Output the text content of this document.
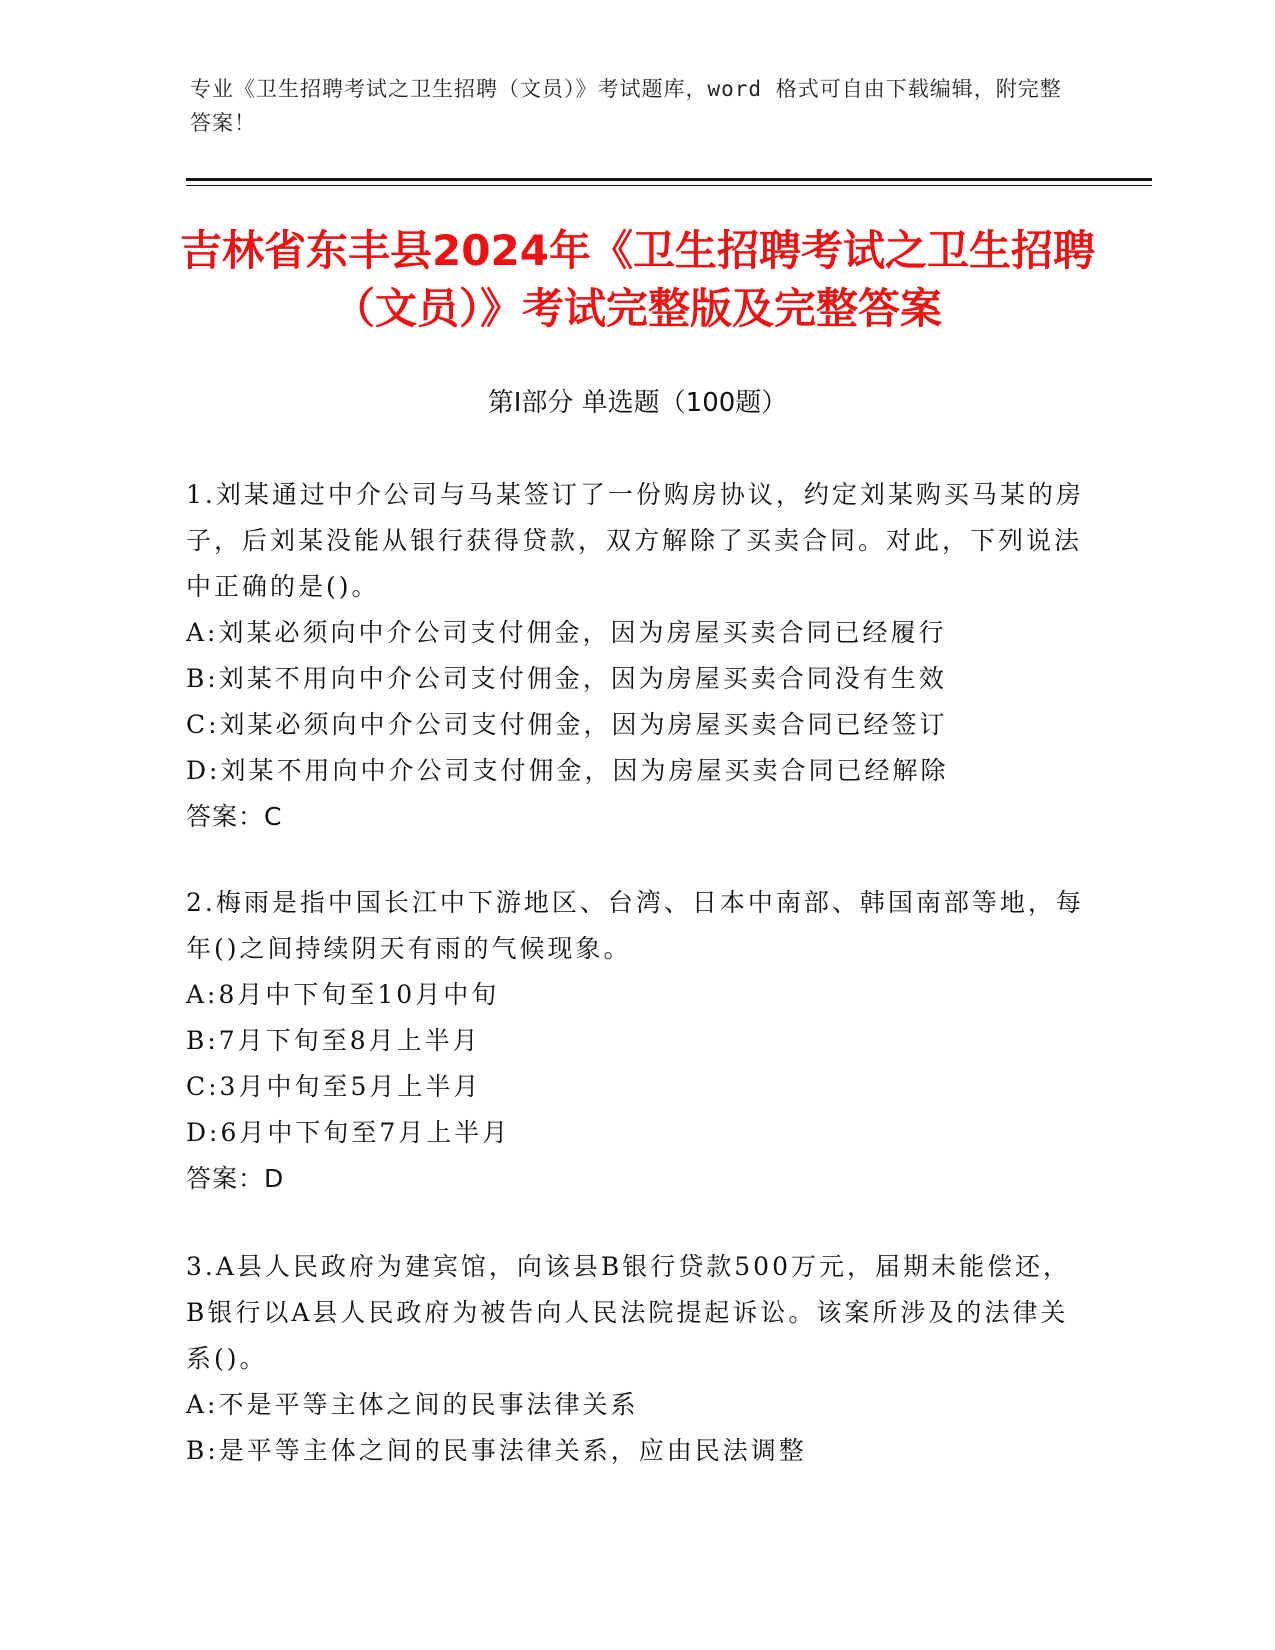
专业《卫生招聘考试之卫生招聘（文员）》考试题库，word 格式可自由下载编辑，附完整答案！
吉林省东丰县2024年《卫生招聘考试之卫生招聘（文员）》考试完整版及完整答案
第Ⅰ部分 单选题（100题）

1.刘某通过中介公司与马某签订了一份购房协议，约定刘某购买马某的房子，后刘某没能从银行获得贷款，双方解除了买卖合同。对此，下列说法中正确的是()。

A:刘某必须向中介公司支付佣金，因为房屋买卖合同已经履行

B:刘某不用向中介公司支付佣金，因为房屋买卖合同没有生效

C:刘某必须向中介公司支付佣金，因为房屋买卖合同已经签订

D:刘某不用向中介公司支付佣金，因为房屋买卖合同已经解除

答案：C

2.梅雨是指中国长江中下游地区、台湾、日本中南部、韩国南部等地，每年()之间持续阴天有雨的气候现象。

A:8月中下旬至10月中旬

B:7月下旬至8月上半月

C:3月中旬至5月上半月

D:6月中下旬至7月上半月

答案：D

3.A县人民政府为建宾馆，向该县B银行贷款500万元，届期未能偿还，B银行以A县人民政府为被告向人民法院提起诉讼。该案所涉及的法律关系()。

A:不是平等主体之间的民事法律关系

B:是平等主体之间的民事法律关系，应由民法调整
